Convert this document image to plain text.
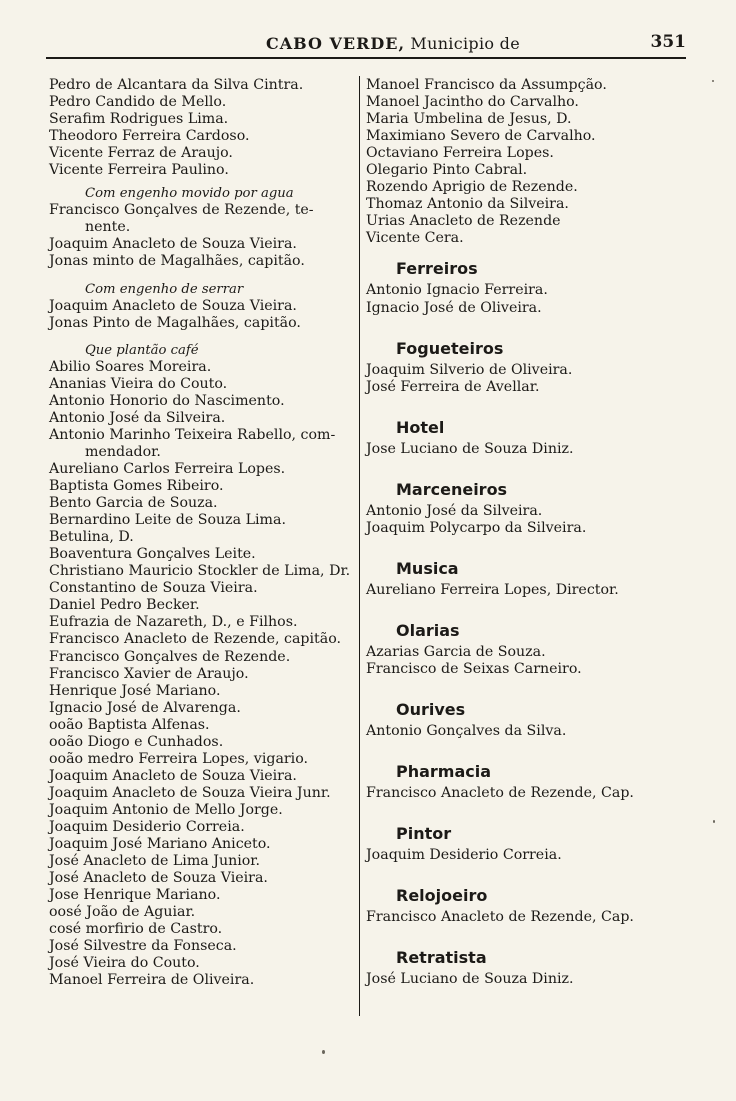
CABO VERDE, Municipio de	351
Pedro de Alcantara da Silva Cintra.
Pedro Candido de Mello.
Serafim Rodrigues Lima.
Theodoro Ferreira Cardoso.
Vicente Ferraz de Araujo.
Vicente Ferreira Paulino.
Com engenho movido por agua
Francisco Gonçalves de Rezende, te-
nente.
Joaquim Anacleto de Souza Vieira.
Jonas minto de Magalhães, capitão.
Com engenho de serrar
Joaquim Anacleto de Souza Vieira.
Jonas Pinto de Magalhães, capitão.
Que plantão café
Abilio Soares Moreira.
Ananias Vieira do Couto.
Antonio Honorio do Nascimento.
Antonio José da Silveira.
Antonio Marinho Teixeira Rabello, com-
mendador.
Aureliano Carlos Ferreira Lopes.
Baptista Gomes Ribeiro.
Bento Garcia de Souza.
Bernardino Leite de Souza Lima.
Betulina, D.
Boaventura Gonçalves Leite.
Christiano Mauricio Stockler de Lima, Dr.
Constantino de Souza Vieira.
Daniel Pedro Becker.
Eufrazia de Nazareth, D., e Filhos.
Francisco Anacleto de Rezende, capitão.
Francisco Gonçalves de Rezende.
Francisco Xavier de Araujo.
Henrique José Mariano.
Ignacio José de Alvarenga.
ooão Baptista Alfenas.
ooão Diogo e Cunhados.
ooão medro Ferreira Lopes, vigario.
Joaquim Anacleto de Souza Vieira.
Joaquim Anacleto de Souza Vieira Junr.
Joaquim Antonio de Mello Jorge.
Joaquim Desiderio Correia.
Joaquim José Mariano Aniceto.
José Anacleto de Lima Junior.
José Anacleto de Souza Vieira.
Jose Henrique Mariano.
oosé João de Aguiar.
cosé morfirio de Castro.
José Silvestre da Fonseca.
José Vieira do Couto.
Manoel Ferreira de Oliveira.
Manoel Francisco da Assumpção.
Manoel Jacintho do Carvalho.
Maria Umbelina de Jesus, D.
Maximiano Severo de Carvalho.
Octaviano Ferreira Lopes.
Olegario Pinto Cabral.
Rozendo Aprigio de Rezende.
Thomaz Antonio da Silveira.
Urias Anacleto de Rezende
Vicente Cera.
Ferreiros
Antonio Ignacio Ferreira.
Ignacio José de Oliveira.
Fogueteiros
Joaquim Silverio de Oliveira.
José Ferreira de Avellar.
Hotel
Jose Luciano de Souza Diniz.
Marceneiros
Antonio José da Silveira.
Joaquim Polycarpo da Silveira.
Musica
Aureliano Ferreira Lopes, Director.
Olarias
Azarias Garcia de Souza.
Francisco de Seixas Carneiro.
Ourives
Antonio Gonçalves da Silva.
Pharmacia
Francisco Anacleto de Rezende, Cap.
Pintor
Joaquim Desiderio Correia.
Relojoeiro
Francisco Anacleto de Rezende, Cap.
Retratista
José Luciano de Souza Diniz.
